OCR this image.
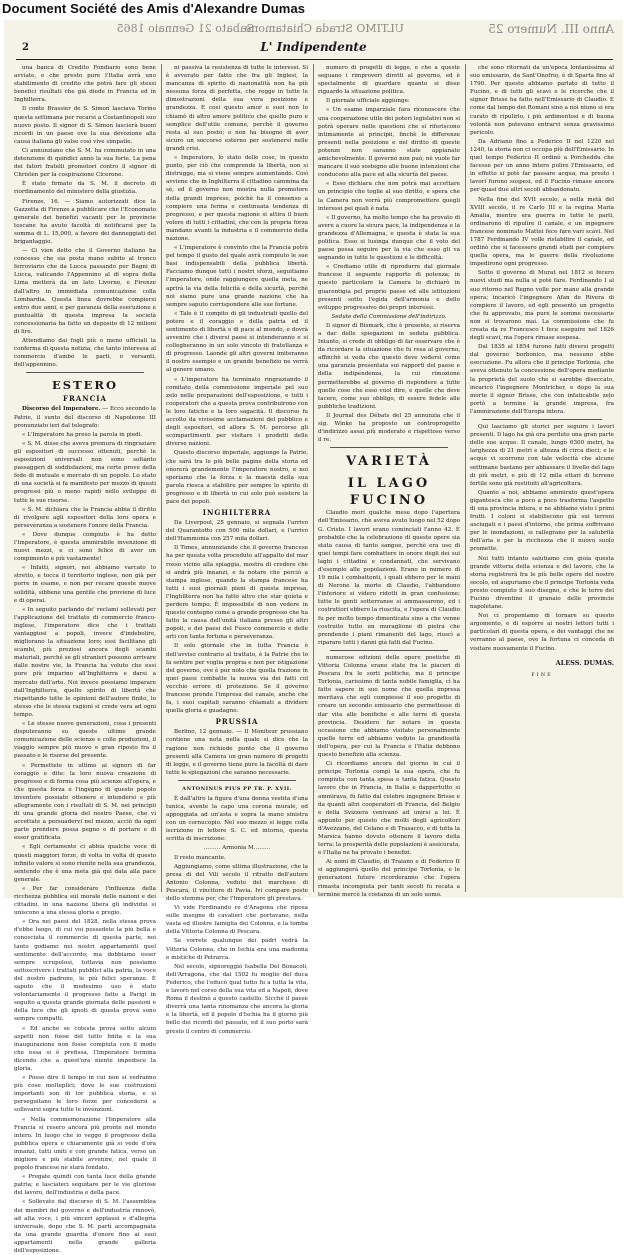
Document Société des Amis d'Alexandre Dumas
Sabato 21 Gennaio 1865
ULTIMO Strada Chiatamone	Anno III. Numero 25
2	L' Indipendente

una banca di Credito Fondiario sono bene avviate, e che presto pure l'Italia avrà uno stabilimento di credito che potrà fare gli stessi benefici risultati che già diede in Francia ed in Inghilterra.

Il conte Brassier de S. Simon lasciava Torino questa settimana per recarsi a Costantinopoli suo nuovo posto. Il signor di S. Simon lascierà buoni ricordi in un paese ove la sua devozione alla causa italiana gli valse così vive simpatie.

Ci annunziano che S. M. ha commutato in una detenzione di quindici anno la sua forte. La pena dei fatori fratelli promotori contro il signor di Christen per la cospirazione Cicerone.

È stato firmato da S. M. il decreto di riordinamento del ministero della giustizia.

Firenze, 16. — Siamo autorizzati dice la Gazzetta di Firenze a pubblicare che l'Economato generale dei benefizi vacanti per le provincie toscane ha avuto facoltà di notificarsi per la somma di L. 15,000, a favore dei danneggiati del brigantaggio.

— Ci vien detto che il Governo italiano ha concesso che sia posta mano subito al tronco ferroviario che da Lucca passando per Bagni di Lucca, valicando l'Appennino al di sopra della Lima metterà da un lato Livorno, e Firenze dall'altro in immediata comunicazione colla Lombardia. Questa linea dovrebbe compiersi entro due anni, e per garanzia della esecuzione e puntualità di questa impresa la società concessionaria ha fatto un deposito di 12 milioni di lire.

Attendiamo dai fogli più o meno ufficiali la conferma di questa notizia, che tanto interessa al commercio d'ambo le parti, o versanti, dell'appennino.

ESTERO
FRANCIA

Discorso del Imperatore. — Ecco secondo la Patrie, il sunto del discorso di Napoleone III pronunziato ieri dal telegrafo:

« L'Imperatore ha preso la parola in piedi.

« S. M. disse che aveva premura di ringraziare gli espositori di successo ottenuti, perchè le esposizioni universali non sono soltanto passaggeri di soddisfazioni, ma certe prove della fede di mutuale e mercato di un popolo. Lo stato di una società si fa manifesto per mezzo di questi progressi più o meno rapidi nello sviluppo di tutte le sue risorse.

« S. M. dichiara che la Francia abbia il diritto di rivolgere agli espositori della loro opera e perseveranza a sostenere l'onore della Francia.

« Dove dunque compiuto è ha detto l'Imperatore, è questa ammirabile invenzione di nuovi mezzi, e ci sono felice di aver un compimento e più vastamente!

« Infatti, signori, noi abbiamo varcato lo stretto, e tocca il territorio inglese, non già per porre in esame, e non per recare queste nuove solidità, sibbene una gentile che proviene di luce e di operai.

« In seguito parlando de' reclami sollevati per l'applicazione del trattato di commercio franco-inglese, l'imperatore dice che i trattati vantaggiosi a popoli, invece d'indebolire, migliorano la situazione loro; essi facilitano gli scambi, più preziosi ancora degli scambi materiali, perché se gli stranieri possono arrivare dalle nostre vie, la Francia ha voluto che essi pure più imparino all'Inghilterra e darsi a mercato dell'arte. Noi invece possiamo imparare dall'Inghilterra, quello spirito di libertà che rispettando tutte le opinioni dell'autore finito, lo stesso che le stessa ragioni si crede vera ad ogni tempo.

« Le stesse nuove generazioni, cosa i presenti disputeranno su queste ultime grande comunicazione delle scienze e colle produzioni, il viaggio sempre più nuovo e gran riposto fra il passato e le risorse del presente.

« Permettete in ultimo ai signori di far coraggio e dite: la loro nuova creazione di progresso e di forma cosa più scienze all'opera, e che questa forza e l'ingegno di questo popolo inventore possiate ottenere e intendersi e più allegramente con i risultati di S. M. nei principii di una grande gloria del nostro Paese, che vi accettate a persuadervi nel mezzo, acciò da ogni parte prendere possa pegno e di portare e di esser gratificata.

« Egli certamente ci abbia qualche voce di questi maggiori forze, di volta in volta di questo infinito valore si sono riunite nella sua grandezza, sentendo che è una meta già qui data alla pace generale.

« Per far considerare l'influenza della ricchezza pubblica sul morale delle nazioni e dei cittadini, in una nazione libera gli individui si uniscono a una stessa gloria e pregio.

« Ora nei paesi del 1828, nella stessa prova d'ebbe luogo, di cui voi possedete la più bella e conosciuta il commercio di questa parte, noi tanto godiamo nei nostri appartamenti quel sentimento dell'accordo; ma dobbiamo esser sempre scrupolosi, tuttavia non possiamo sottoscrivere i trattati pubblici alla patria, la voce del nostro padrone, le più felici speranze. È saputo che il medesimo uso è stato volontariamente il progresso fatto a Parigi in seguito a questa grande giornata delle passioni e della luce che gli ignoti di questa prova sono sempre compatti.

« Ed anche se cotesta prova sotto alcuni aspetti non fosse del tutto finita e la sua inaugurazione non fosse compiuta con il modo che essa si è prefissa, l'Imperatore termina dicendo che a quest'ora niente impedisce la gloria.

« Posso dire il tempo in cui non si vedranno più cose molteplici; dove le sue costruzioni importanti son di lor pubblica storia, e si perseguitano le loro forze per concedersi a sollevarsi sopra tutte le invenzioni.

« Nella commemorazione l'Imperatore alla Francia si resero ancora più pronte nel mondo intero. In luogo che io veggo il progresso della pubblica opera e chiaramente già si vede d'ora innanzi, tutti uniti e con grande fatica, verso un migliore e più stabile avvenire, nel quale il popolo francese ne starà fondato.

« Pregate quindi con tanta luce della grande patria; e lasciateci seguitare per le vie gloriose del lavoro, dell'industria e della pace.

« Sollevato dal discorso di S. M. l'assemblea dei membri del governo e dell'industria rinnovò, ad alta voce, i più sinceri applausi e d'allegria universale, dopo che S. M. partì accompagnata da una grande guardia d'onore fino ai suoi appartamenti nella grande galleria dell'esposizione.

ni passiva la resistenza di tutte le interessi. Si è avverato per fatto che fra gli Inglesi, la mancanza di spirito di nazionalità non ha più nessuna forza di perfetta, che regge in tutte le dimostrazioni della sua vera posizione e grandezza. E cosi questo amor e suoi non lo chiamò di altro amore politico che quello puro e semplice dell'utile comune, perchè il governo resta al suo posto; e non ha bisogno di aver sicuro un soccorso esterno per sostenersi nelle grandi crisi.

« Imperatore, lo stato delle cose, in questo punto, per ciò che comprende la libertà, non si distrugge, ma si viene sempre aumentando. Così avviene che in Inghilterra il cittadino cammina da sè, ed il governo non mostra nulla promotore della grandi imprese, poichè ha il consenso a compiere una ferma e continuata tendenza di progresso, e per questa ragione si attira il buon volere di tutti i cittadini, che con la propria forza mandano avanti la industria e il commercio della nazione.

« L'imperatore è convinto che la Francia potrà pel tempo il gusto del quale avrà compiuto le sue basi indispensabili della pubblica libertà. Facciamo dunque tutti i nostri sforzi, seguitiamo l'imperatore, onde raggiungere quella meta, ne aprirà la via della felicità e della sicurtà, perchè noi siamo pure una grande nazione che ha sempre saputo corrispondere alle sue fortune.

« Tale è il compito di gli industriali quello del potere e il coraggio e della patria ed il sentimento di libertà e di pace al mondo, e dovrà avvenire che i diversi paesi si intenderanno e si collegheranno in un solo vincolo di fratellanza e di progresso. Laonde gli altri governi imiteranno il nostro esempio e un grande benefizio ne verrà al genere umano.

« L'imperatore ha terminato ringraziando il comitato della commissione imperiale pel suo zelo nelle preparazioni dell'esposizione, e tutti i cooperatori che a questa prova contribuirono con le loro fatiche e la loro sagacità. Il discorso fu accolto da vivissime acclamazioni del pubblico e degli espositori, ed allora S. M. percorse gli scompartimenti per visitare i prodotti delle diverse nazioni.

Questo discorso imperiale, aggiunge la Patrie, che sarà tra le più belle pagine della storia ed onorerà grandemente l'imperatore nostro, e noi speriamo che la forza e la maestà della sua parola riesca a stabilire per sempre lo spirito di progresso e di libertà in cui solo può esistere la pace dei popoli.

INGHILTERRA

Da Liverpool, 25 gennaio, si segnala l'arrivo del Quarantotto con 500 mila dollari, e l'arrivo dell'Hammonia con 257 mila dollari.

Il Times, annunziando che il governo francese ha per questa volta proceduto all'appalto del mar rosso vicino alla spiaggia, mostra di credere che si andrà più innanzi, e fa notare che perciò a stampa inglese, quando la stampa francese ha tutti i suoi giornali pieni di questa impresa, l'Inghilterra non ha fatto altro che star quieta e perdere tempo. È impossibile di non vedere in questo contegno come a grande progresso che ha fatto la causa dell'unità italiana presso gli altri popoli, e dei paesi del Fusco commercio e delle arti con tanta fortuna e perseveranza.

Il solo giornale che in tutta Francia è dell'avviso contrario al trattato, è la Patrie che lo fa sentire per voglia propria e non per istigazione del governo, ove è pur noto che quella frazione in quei paesi combatte la nuova via dei fatti col vecchio errore di protezione. Se il governo francese prende l'impresa del canale, anche che fa, i suoi capitali saranno chiamati a dividere quella gloria e guadagno.

PRUSSIA

Berlino, 12 gennaio. — Il Moniteur prussiano contiene una nota nella quale si dice che la ragione non richiede punto che il governo presenti alla Camera un gran numero di progetti di legge, e il governo tiene pure la facoltà di dare tutte le spiegazioni che saranno necessarie.

ANTONINUS PIUS PP TR. P. XVII.

È dall'altro la figura d'una donna vestita d'una tunica, avente la capo una corona murale, ed appoggiata ad un'asta e sopra la mano sinistra con un cornucopio. Nel suo mezzo si legge colla iscrizione in lettere S. C. ed intorno, questa scritta di inscrizione:

……… Armonia M………

Il resto mancante.

Aggiungiamo, come ultima illustrazione, che la presa di del Vili secolo il ritratto dell'autore Antonio Colonna, veduto del marchese di Pescara, il vincitore di Pavia. Ivi compare poste dello stemma per, che l'Imperatore gli prestava.

Vi vide Ferdinando re d'Aragona che riposa sulle insegne di cavalieri che portavano, nella vasta ed illustre famiglia dei Colonna, e la tomba della Vittoria Colonna di Pescara.

Se vorrete qualunque dei padri vedrà la Vittoria Colonna, che in Ischia era una madonna e mistiche di Petrarca.

Nel secolo, signoreggiò Isabella Del Bonacoli, dell'Arragona, che dal 1502 fu moglie del duca Federico, che l'educò qual tutto fu a tutta la vita, e lavorò nel corso della sua vita ed a Napoli, dove Roma il destinò a questo castello. Sicchè il paese diverrà una tanta rinomanza che ancora la gloria e la libertà, ed il popolo d'Ischia ha il giorno più bello dei ricordi del passato, ed il suo porto sarà presto il centro di commercio.

numero di progetti di legge, e che a queste seguano i rimproveri diretti al governo, ed è specialmente di guardare quanto si disse riguardo la situazione politica.

Il giornale ufficiale aggiunge:

« Un esame imparziale fara riconoscere che una cooperazione utile dei poteri legislativi non si potrà operare nelle questioni che si riferiscono intimamente ai principii, finchè le differenze presenti nella posizione e nel diritto di queste potenze non saranno state appianate amichevolmente. Il governo non può, nè vuole far mancare il suo sostegno alle buone intenzioni che conducono alla pace ed alla sicurtà del paese.

« Esso dichiara che non potrà mai accettare un principio che toglie al suo diritto, e spera che la Camera non vorrà più compromettere quegli interessi pei quali è nata.

« Il governo, ha molto tempo che ha provato di avere a cuore la sicura pace, la indipendenza e la grandezza d'Allemagna, e questa è stata la sua politica. Esso si lusinga dunque che il voto del paese possa seguire per la via che esso gli va segnando in tutte le questioni e le difficoltà.

« Crediamo utile di riprodurre dal giornale francese il seguente rapporto di potenza; in questo particolare la Camera lo dichiarò in guarentigia pel proprio paese ed alle istituzioni presenti sotto l'egida dell'armonia e dello sviluppo progressivo dei propri interessi.

Sedute della Commissione dell'indirizzo.

Il signor di Bismark, che è presente, si riserva a dar delle spiegazioni in seduta pubblica. Intanto, si crede di obbligo di far osservare che è da ricordare la situazione che fu resa al governo, affinchè si veda che questo deve vedersi come una garanzia presentata sui rapporti del paese e della indipendenza, la cui rimozione permetterebbe al governo di rispondere a tutte quelle cose che esso vuol dire, e quelle che deve tacere, come suo obbligo, di essere fedele alle pubbliche tradizioni.

Il Journal des Débats del 25 annunzia che il sig. Winke ha proposto un controprogetto d'indirizzo assai più moderato e rispettoso verso il re.

VARIETÀ
IL LAGO FUCINO

Claudio mori qualche mese dopo l'apertura dell'Emissario, che aveva avuto luogo nel 52 dopo G. Cristo. I lavori erano cominciati l'anno 42. È probabile che la celebrazione di queste opere sia stata causa di tanto sangue, perchè era uso di quei tempi fare combattere in onore degli dei sui laghi i cittadini e condannati, che servivano d'esempio alle popolazioni. Erano in numero di 19 mila i combattenti, i quali ebbero per le mani di Nerone la morte di Claudio, l'abbandono l'inferiore si videro ridotti in gran confusione; tutte le genti sotterranee si ammassarono, ed i costruttori ebbero la riuscita, e l'opera di Claudio fu per molto tempo dimenticata sino a che venne costruito tutto un muraglione di pietra che prendendo i piani rimanenti del lago, riuscì a riparare tutti i danni già fatti dal Fucino.

numerose edizioni delle opere poetiche di Vittoria Colonna erano state fra le piaceri di Pescara fra le sorti politiche, ma il principe Torlonia, carissimo di tanta nobile famiglia, ci ha fatto sapere in suo nome che quella impresa meritava che egli compiesse il suo progetto di creare un secondo emissario che permettesse di dar vita alle bonifiche e alle terre di questa provincia. Desidero far notare in questa occasione che abbiamo visitato personalmente quelle terre ed abbiamo veduto la grandiosità dell'opera, per cui la Francia e l'Italia debbono questo benefizio alla scienza.

Ci ricordiamo ancora del giorno in cui il principe Torlonia compì la sua opera, che fu compiuta con tanta spesa e tanta fatica. Questo lavoro che in Francia, in Italia e dappertutto si ammirava, fu fatto dal celebre ingegnere Brisse e da quanti altri cooperatori di Francia, del Belgio e della Svizzera venivano ad unirsi a lui. È appunto per questo che molti degli agricoltori d'Avezzano, del Celano e di Trasacco, e di tutta la Marsica hanno dovuto ottenere il lavoro della terra: la prosperità delle popolazioni è assicurata, e l'Italia ne ha provato i benefizi.

Ai nomi di Claudio, di Traiano e di Federico II si aggiungerà quello del principe Torlonia, e le generazioni future ricorderanno che l'opera rimasta incompiuta per tanti secoli fu recata a termine mercè la costanza di un solo uomo.

che sono ritornati da un'epoca lontanissima al suo emissario, da Sant'Onofrio, è di Sparta fino al 1790. Per questo abbiamo parlato di tutto il Fucino, e di tutti gli scavi e le ricerche che il signor Brisse ha fatto nell'Emissario di Claudio. E come dal tempo dei Romani sino a noi niuno si era curato di ripulirlo, i più ardimentosi e di buona volontà non potevano entrarvi senza gravissimo pericolo.

Da Adriano fino a Federico II nel 1220 nel 1240, la storia non ci occupa più dell'Emissario. In quel tempo Federico II ordinò a Porcheddu che facesse per un anno intero pulire l'Emissario, ed in effetto si potè far passare acqua, ma presto i lavori furono sospesi, ed il Fucino rimase ancora per quasi due altri secoli abbandonato.

Nella fine del XVII secolo, a nella metà del XVIII secolo, il re Carlo III e la regina Maria Amalia, mentre era guerra in tutte le parti, ordinarono di ripulire il canale, e un ingegnere francese nominato Mattei fece fare vari scavi. Nel 1787 Ferdinando IV volle ristabilire il canale, ed ordinò che si facessero grandi studi per compiere quella opera, ma le guerre della rivoluzione impedirono ogni progresso.

Sotto il governo di Murat nel 1812 si fecero nuovi studi ma nulla si potè fare. Ferdinando I al suo ritorno nel Regno volle por mano alla grande opera; incaricò l'ingegnere Afan de Rivera di compiere il lavoro, ed egli presentò un progetto che fu approvato, ma pure le somme necessarie non si trovarono mai. La commissione che fu creata da re Francesco I fece eseguire nel 1826 degli scavi, ma l'opera rimase sospesa.

Dal 1835 al 1854 furono fatti diversi progetti dal governo borbonico, ma nessuno ebbe esecuzione. Fu allora che il principe Torlonia, che aveva ottenuto la concessione dell'opera mediante la proprietà del suolo che si sarebbe diseccato, incaricò l'ingegnere Montricher, e dopo la sua morte il signor Brisse, che con infaticabile zelo portò a termine la grande impresa, fra l'ammirazione dell'Europa intera.

Qui lasciamo gli storici per seguire i lavori presenti. Il lago ha già ora perduto una gran parte delle sue acque. Il canale, lungo 6300 metri, ha larghezza di 21 metri e altezza di circa dieci; e le acque vi scorrono con tale velocità che alcune settimane bastano per abbassare il livello del lago di più metri, e più di 12 mila ettari di terreno fertile sono già restituiti all'agricoltura.

Quanto a noi, abbiamo ammirato quest'opera gigantesca che a poco a poco trasforma l'aspetto di una provincia intera, e ne abbiamo visto i primi frutti. I coloni si stabiliscono già sui terreni asciugati e i paesi d'intorno, che prima soffrivano per le inondazioni, si rallegrano per la salubrità dell'aria e per la ricchezza che il nuovo suolo promette.

Noi tutti intanto salutiamo con gioia questa grande vittoria della scienza e del lavoro, che la storia registrerà fra le più belle opere del nostro secolo, ed auguriamo che il principe Torlonia veda presto compiuto il suo disegno, e che le terre del Fucino diventino il granaio delle provincie napoletane.

Noi ci proponiamo di tornare su questo argomento, e di esporre ai nostri lettori tutti i particolari di questa opera, e dei vantaggi che ne verranno al paese, ove la fortuna ci conceda di visitare nuovamente il Fucino.

ALESS. DUMAS.
FINE
